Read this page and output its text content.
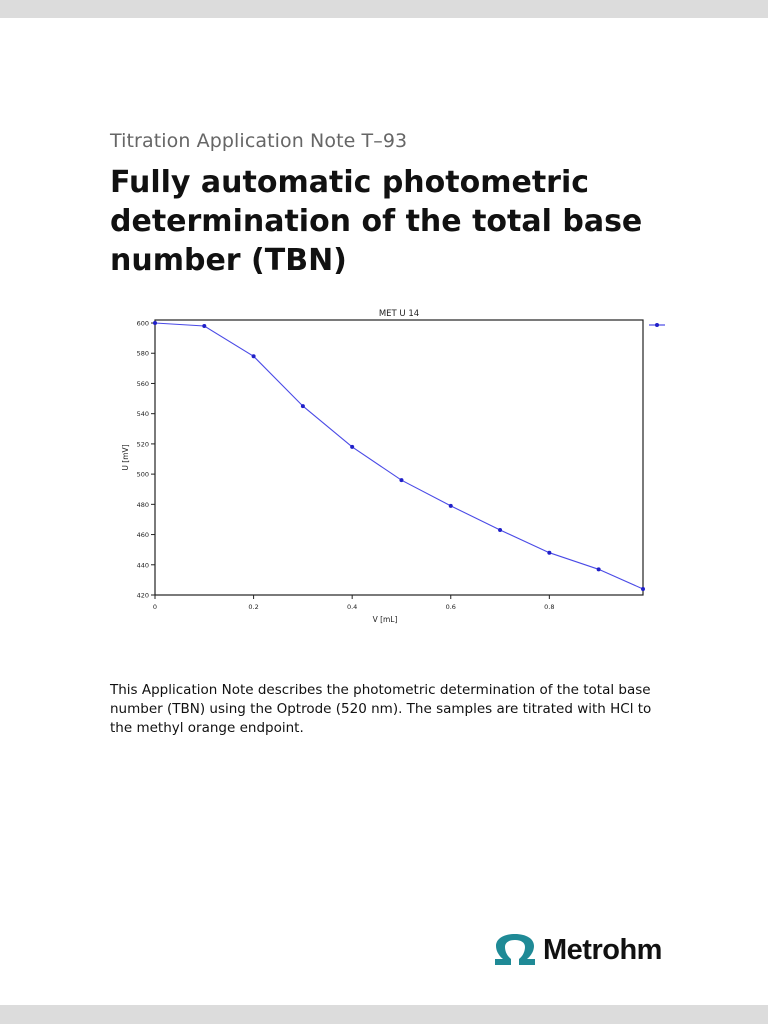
Titration Application Note T–93
Fully automatic photometric determination of the total base number (TBN)
MET U 14
600
580
560
540
520
500
480
460
440
420
0	0.2	0.4	0.6	0.8
V [mL]
U [mV]

This Application Note describes the photometric determination of the total base number (TBN) using the Optrode (520 nm). The samples are titrated with HCl to the methyl orange endpoint.

Metrohm
